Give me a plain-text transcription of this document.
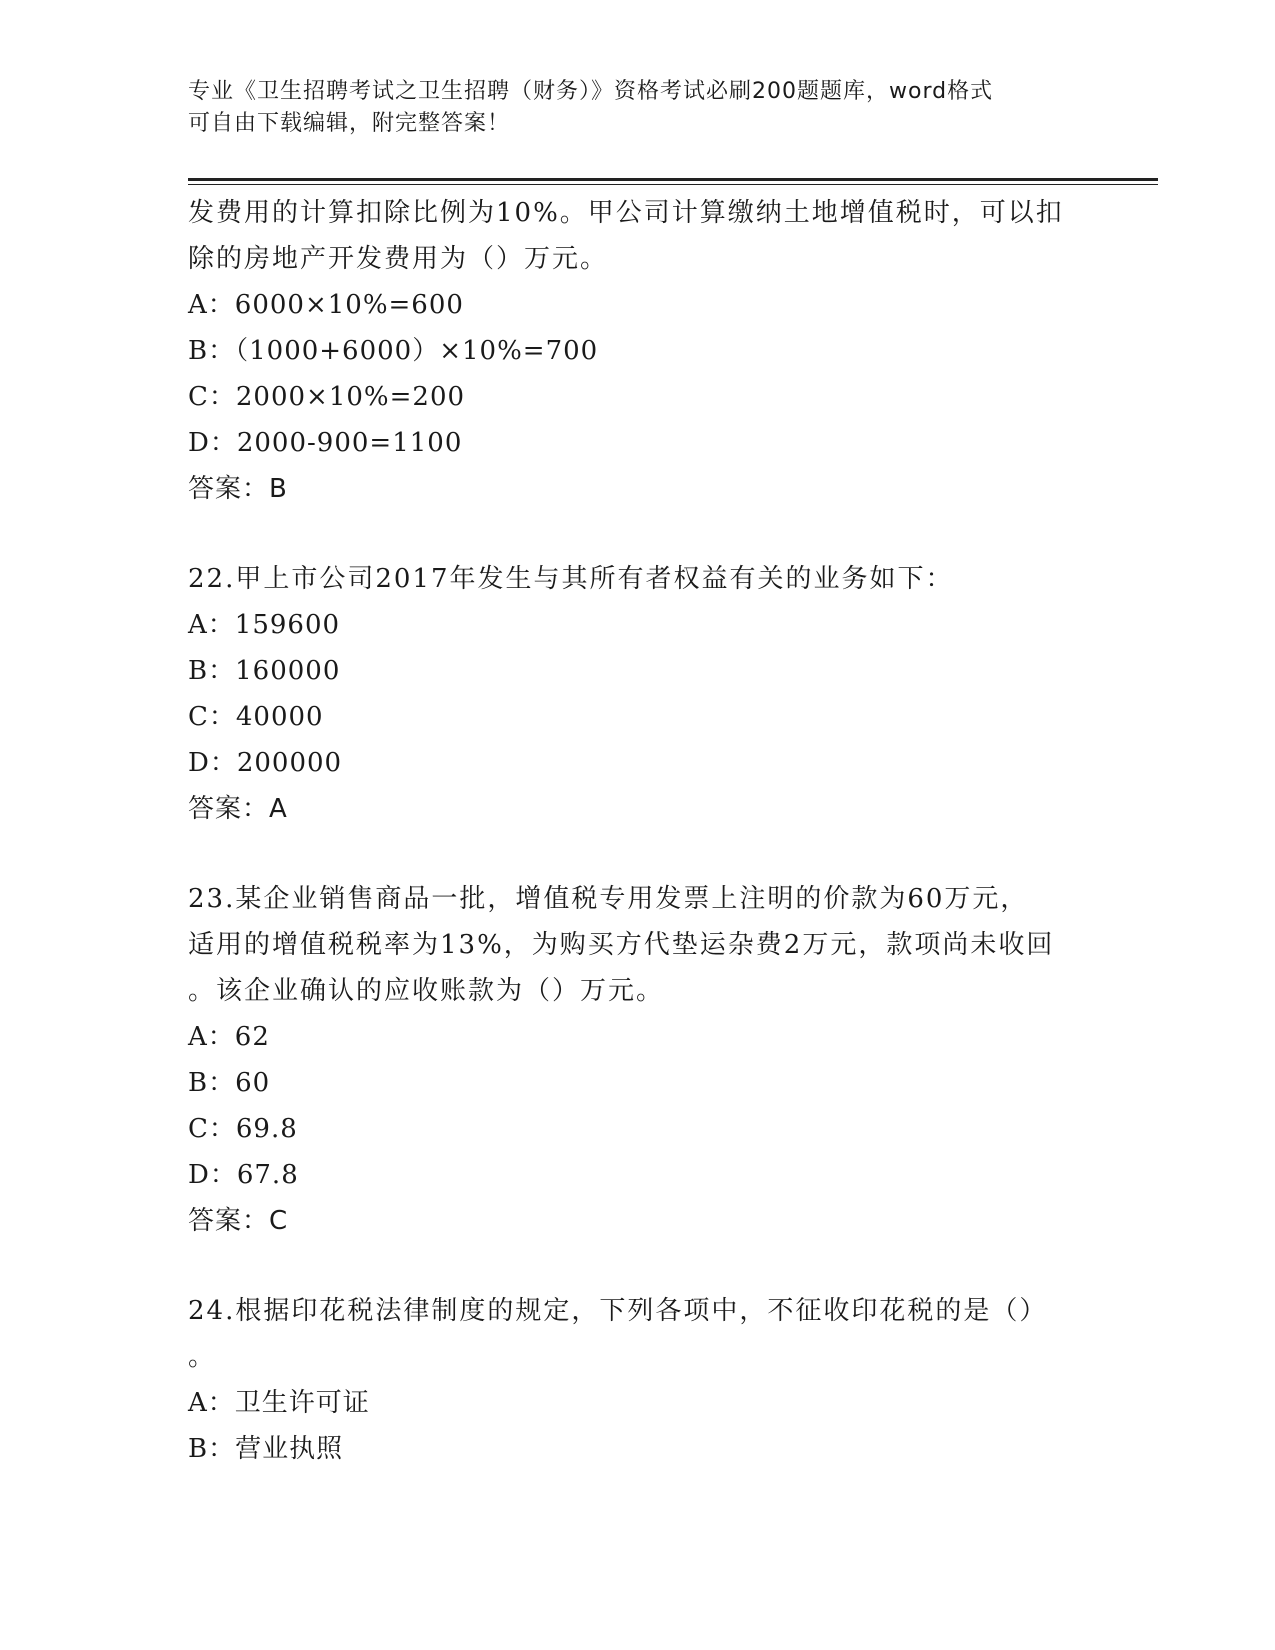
专业《卫生招聘考试之卫生招聘（财务）》资格考试必刷200题题库，word格式
可自由下载编辑，附完整答案！
发费用的计算扣除比例为10%。甲公司计算缴纳土地增值税时，可以扣
除的房地产开发费用为（）万元。
A：6000×10%=600
B：（1000+6000）×10%=700
C：2000×10%=200
D：2000-900=1100
答案：B
22.甲上市公司2017年发生与其所有者权益有关的业务如下：
A：159600
B：160000
C：40000
D：200000
答案：A
23.某企业销售商品一批，增值税专用发票上注明的价款为60万元，
适用的增值税税率为13%，为购买方代垫运杂费2万元，款项尚未收回
。该企业确认的应收账款为（）万元。
A：62
B：60
C：69.8
D：67.8
答案：C
24.根据印花税法律制度的规定，下列各项中，不征收印花税的是（）
。
A：卫生许可证
B：营业执照
